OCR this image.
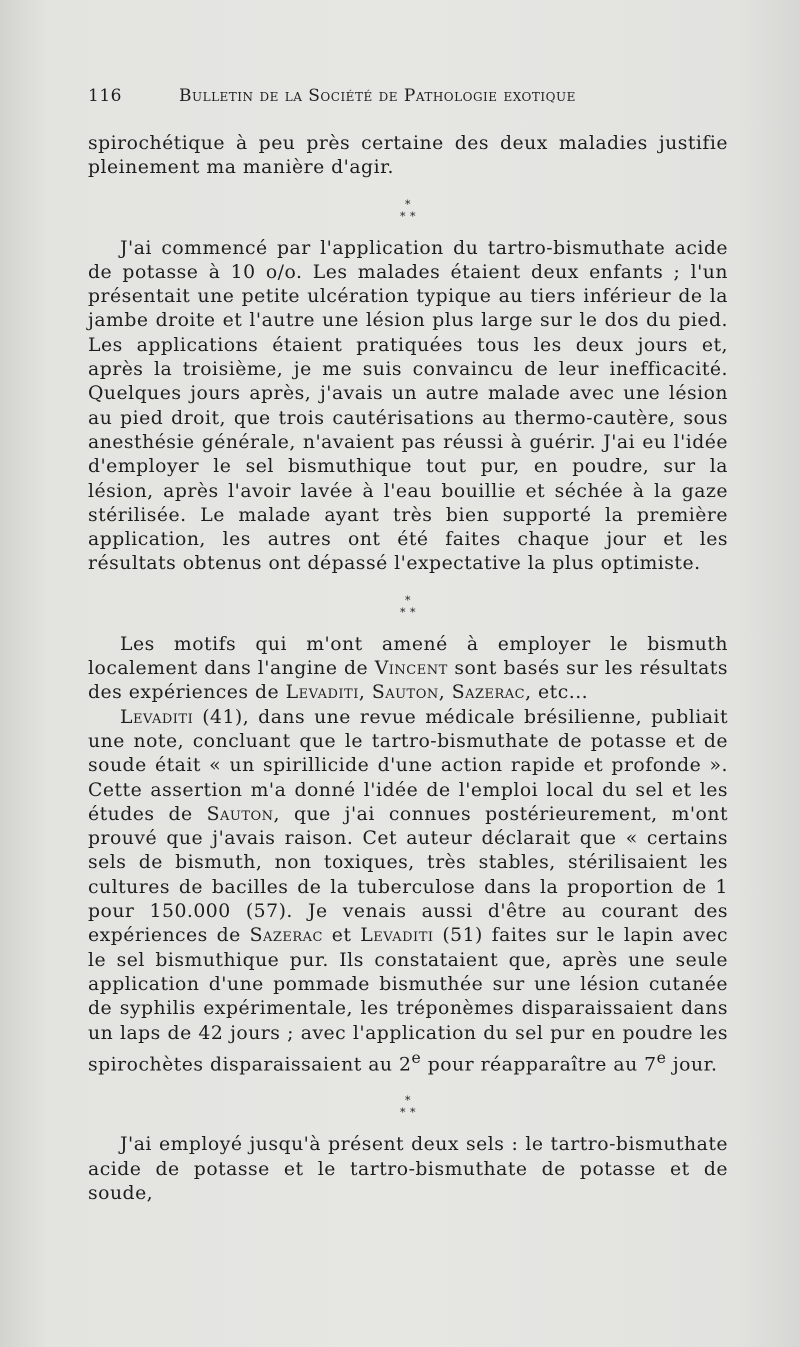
116	Bulletin de la Société de Pathologie exotique

spirochétique à peu près certaine des deux maladies justifie pleinement ma manière d'agir.

*
* *

J'ai commencé par l'application du tartro-bismuthate acide de potasse à 10 o/o. Les malades étaient deux enfants ; l'un présentait une petite ulcération typique au tiers inférieur de la jambe droite et l'autre une lésion plus large sur le dos du pied. Les applications étaient pratiquées tous les deux jours et, après la troisième, je me suis convaincu de leur inefficacité. Quelques jours après, j'avais un autre malade avec une lésion au pied droit, que trois cautérisations au thermo-cautère, sous anesthésie générale, n'avaient pas réussi à guérir. J'ai eu l'idée d'employer le sel bismuthique tout pur, en poudre, sur la lésion, après l'avoir lavée à l'eau bouillie et séchée à la gaze stérilisée. Le malade ayant très bien supporté la première application, les autres ont été faites chaque jour et les résultats obtenus ont dépassé l'expectative la plus optimiste.

*
* *

Les motifs qui m'ont amené à employer le bismuth localement dans l'angine de Vincent sont basés sur les résultats des expériences de Levaditi, Sauton, Sazerac, etc...

Levaditi (41), dans une revue médicale brésilienne, publiait une note, concluant que le tartro-bismuthate de potasse et de soude était « un spirillicide d'une action rapide et profonde ». Cette assertion m'a donné l'idée de l'emploi local du sel et les études de Sauton, que j'ai connues postérieurement, m'ont prouvé que j'avais raison. Cet auteur déclarait que « certains sels de bismuth, non toxiques, très stables, stérilisaient les cultures de bacilles de la tuberculose dans la proportion de 1 pour 150.000 (57). Je venais aussi d'être au courant des expériences de Sazerac et Levaditi (51) faites sur le lapin avec le sel bismuthique pur. Ils constataient que, après une seule application d'une pommade bismuthée sur une lésion cutanée de syphilis expérimentale, les tréponèmes disparaissaient dans un laps de 42 jours ; avec l'application du sel pur en poudre les spirochètes disparaissaient au 2e pour réapparaître au 7e jour.

*
* *

J'ai employé jusqu'à présent deux sels : le tartro-bismuthate acide de potasse et le tartro-bismuthate de potasse et de soude,
